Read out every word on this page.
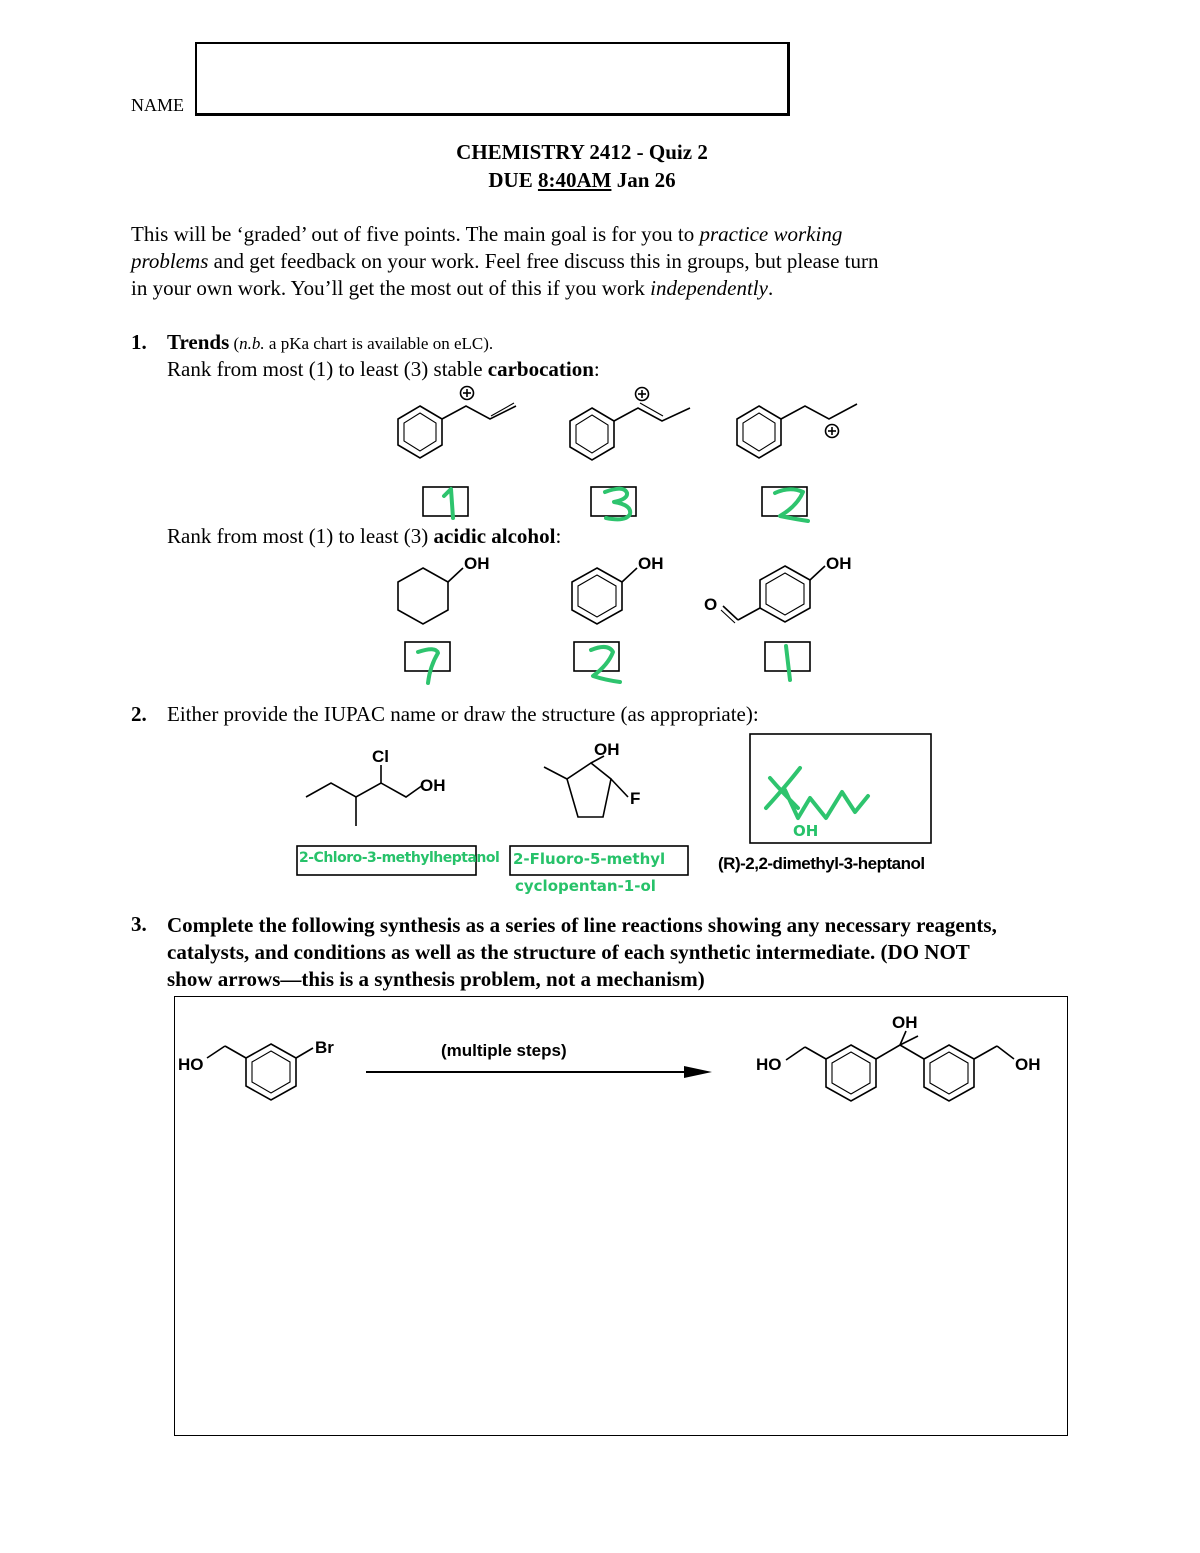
NAME
CHEMISTRY 2412 - Quiz 2
DUE 8:40AM Jan 26
This will be ‘graded’ out of five points. The main goal is for you to practice working
problems and get feedback on your work. Feel free discuss this in groups, but please turn
in your own work. You’ll get the most out of this if you work independently.
1. Trends (n.b. a pKa chart is available on eLC).
Rank from most (1) to least (3) stable carbocation:
Rank from most (1) to least (3) acidic alcohol:
OH	OH	OH
O
2. Either provide the IUPAC name or draw the structure (as appropriate):
Cl
OH
OH
F
2-Chloro-3-methylheptanol 2-Fluoro-5-methyl
cyclopentan-1-ol
OH
(R)-2,2-dimethyl-3-heptanol
3. Complete the following synthesis as a series of line reactions showing any necessary reagents,
catalysts, and conditions as well as the structure of each synthetic intermediate. (DO NOT
show arrows—this is a synthesis problem, not a mechanism)
HO
Br	(multiple steps)
HO
OH
OH
